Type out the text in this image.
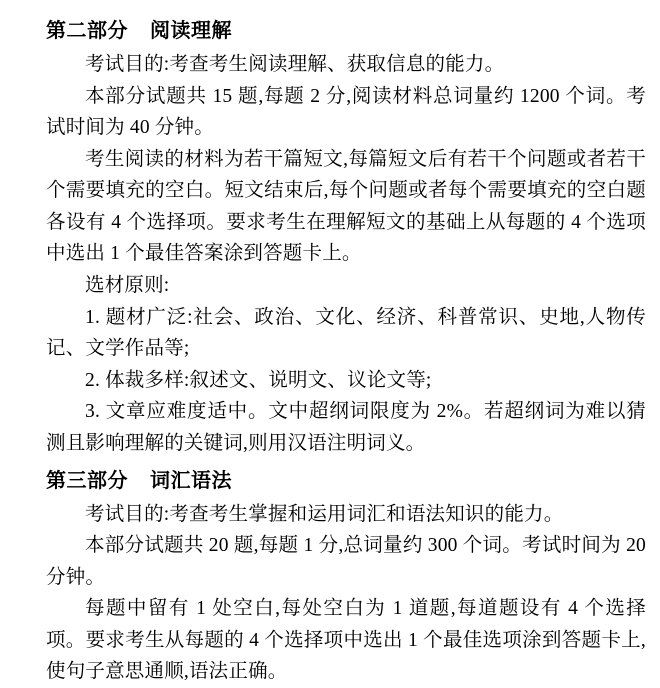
第二部分 阅读理解

考试目的:考查考生阅读理解、获取信息的能力。

本部分试题共 15 题,每题 2 分,阅读材料总词量约 1200 个词。考试时间为 40 分钟。

考生阅读的材料为若干篇短文,每篇短文后有若干个问题或者若干个需要填充的空白。短文结束后,每个问题或者每个需要填充的空白题各设有 4 个选择项。要求考生在理解短文的基础上从每题的 4 个选项中选出 1 个最佳答案涂到答题卡上。

选材原则:

1. 题材广泛:社会、政治、文化、经济、科普常识、史地,人物传记、文学作品等;

2. 体裁多样:叙述文、说明文、议论文等;

3. 文章应难度适中。文中超纲词限度为 2%。若超纲词为难以猜测且影响理解的关键词,则用汉语注明词义。

第三部分 词汇语法

考试目的:考查考生掌握和运用词汇和语法知识的能力。

本部分试题共 20 题,每题 1 分,总词量约 300 个词。考试时间为 20 分钟。

每题中留有 1 处空白,每处空白为 1 道题,每道题设有 4 个选择项。要求考生从每题的 4 个选择项中选出 1 个最佳选项涂到答题卡上,使句子意思通顺,语法正确。
